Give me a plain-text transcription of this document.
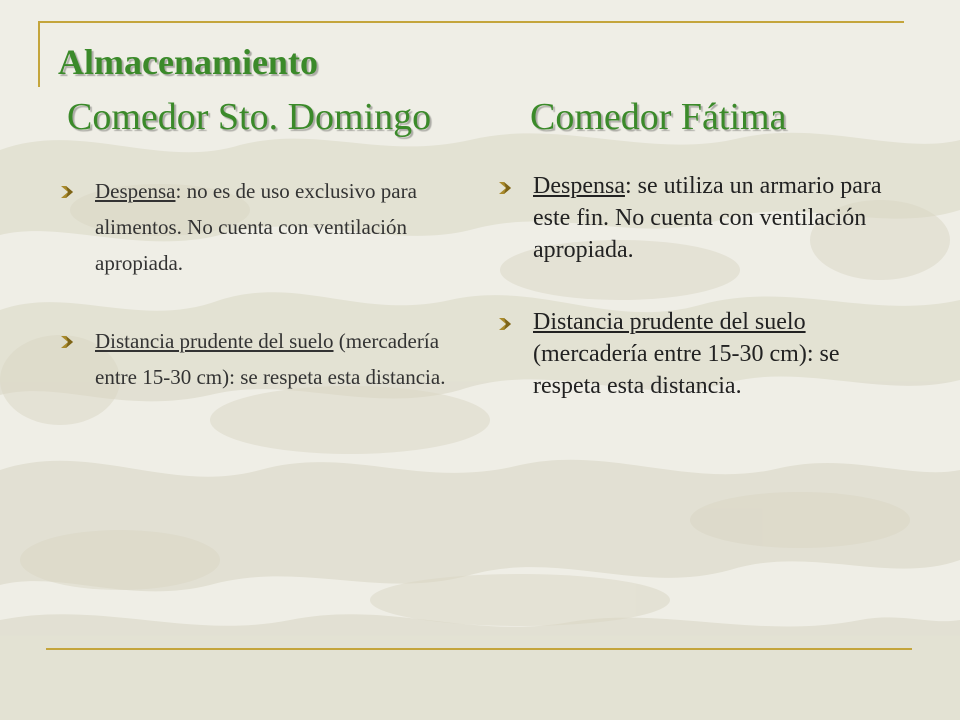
Almacenamiento
Comedor Sto. Domingo	Comedor Fátima
Despensa: no es de uso exclusivo para alimentos. No cuenta con ventilación apropiada.
Distancia prudente del suelo (mercadería entre 15-30 cm): se respeta esta distancia.
Despensa: se utiliza un armario para este fin. No cuenta con ventilación apropiada.
Distancia prudente del suelo (mercadería entre 15-30 cm): se respeta esta distancia.
